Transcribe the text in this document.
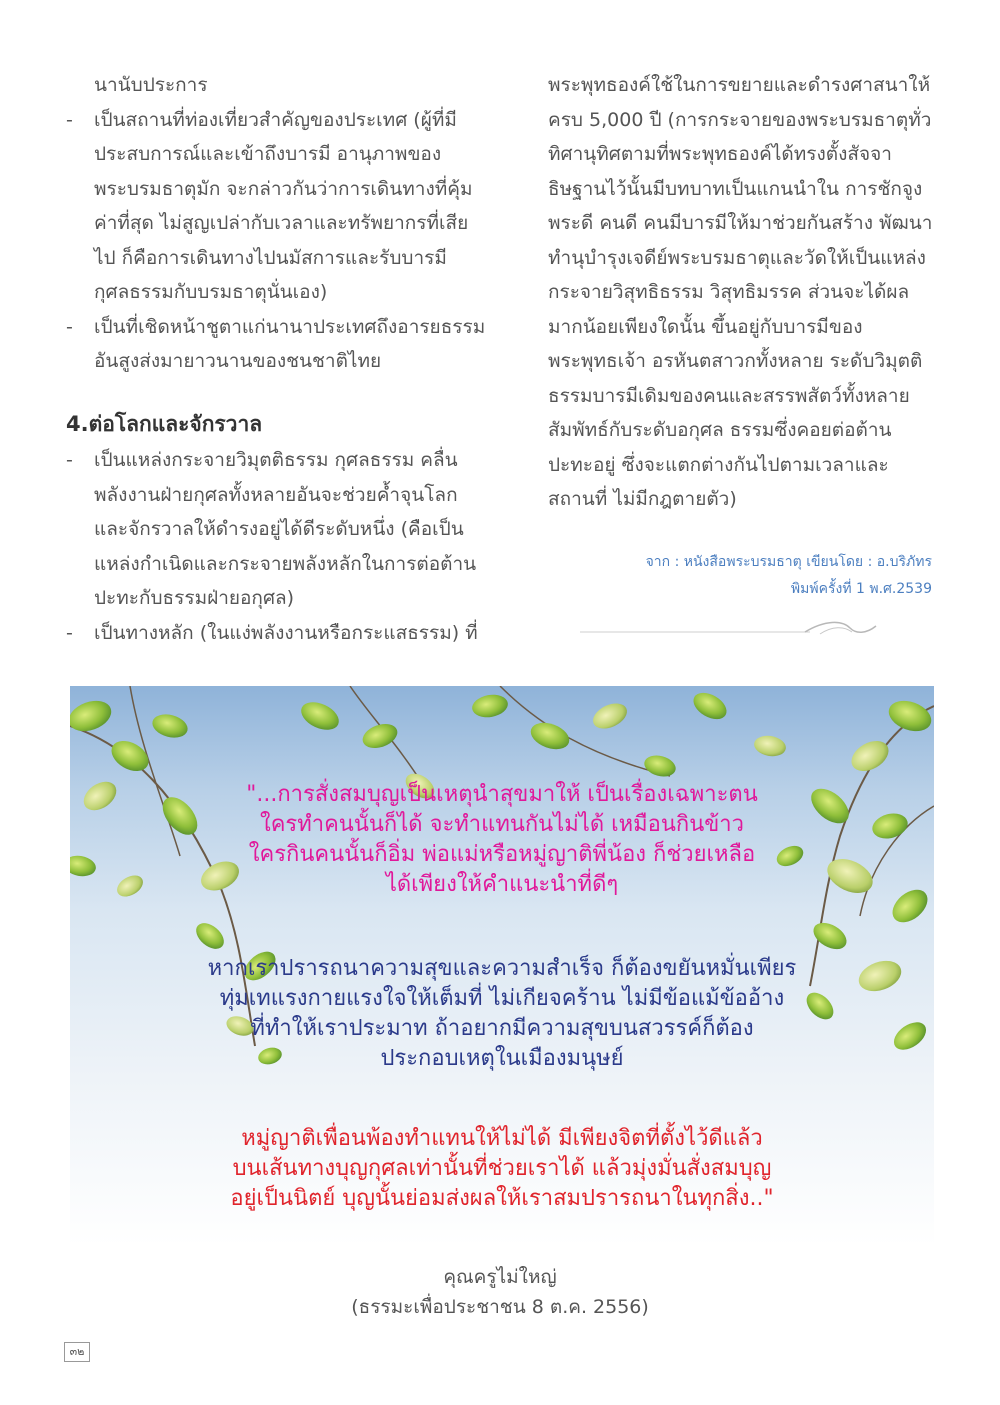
นานับประการ
- เป็นสถานที่ท่องเที่ยวสำคัญของประเทศ (ผู้ที่มี
ประสบการณ์และเข้าถึงบารมี อานุภาพของ
พระบรมธาตุมัก จะกล่าวกันว่าการเดินทางที่คุ้ม
ค่าที่สุด ไม่สูญเปล่ากับเวลาและทรัพยากรที่เสีย
ไป ก็คือการเดินทางไปนมัสการและรับบารมี
กุศลธรรมกับบรมธาตุนั่นเอง)
- เป็นที่เชิดหน้าชูตาแก่นานาประเทศถึงอารยธรรม
อันสูงส่งมายาวนานของชนชาติไทย
4.ต่อโลกและจักรวาล
- เป็นแหล่งกระจายวิมุตติธรรม กุศลธรรม คลื่น
พลังงานฝ่ายกุศลทั้งหลายอันจะช่วยค้ำจุนโลก
และจักรวาลให้ดำรงอยู่ได้ดีระดับหนึ่ง (คือเป็น
แหล่งกำเนิดและกระจายพลังหลักในการต่อต้าน
ปะทะกับธรรมฝ่ายอกุศล)
- เป็นทางหลัก (ในแง่พลังงานหรือกระแสธรรม) ที่
พระพุทธองค์ใช้ในการขยายและดำรงศาสนาให้
ครบ 5,000 ปี (การกระจายของพระบรมธาตุทั่ว
ทิศานุทิศตามที่พระพุทธองค์ได้ทรงตั้งสัจจา
ธิษฐานไว้นั้นมีบทบาทเป็นแกนนำใน การชักจูง
พระดี คนดี คนมีบารมีให้มาช่วยกันสร้าง พัฒนา
ทำนุบำรุงเจดีย์พระบรมธาตุและวัดให้เป็นแหล่ง
กระจายวิสุทธิธรรม วิสุทธิมรรค ส่วนจะได้ผล
มากน้อยเพียงใดนั้น ขึ้นอยู่กับบารมีของ
พระพุทธเจ้า อรหันตสาวกทั้งหลาย ระดับวิมุตติ
ธรรมบารมีเดิมของคนและสรรพสัตว์ทั้งหลาย
สัมพัทธ์กับระดับอกุศล ธรรมซึ่งคอยต่อต้าน
ปะทะอยู่ ซึ่งจะแตกต่างกันไปตามเวลาและ
สถานที่ ไม่มีกฎตายตัว)
จาก : หนังสือพระบรมธาตุ เขียนโดย : อ.บริภัทร
พิมพ์ครั้งที่ 1 พ.ศ.2539
"...การสั่งสมบุญเป็นเหตุนำสุขมาให้ เป็นเรื่องเฉพาะตน
ใครทำคนนั้นก็ได้ จะทำแทนกันไม่ได้ เหมือนกินข้าว
ใครกินคนนั้นก็อิ่ม พ่อแม่หรือหมู่ญาติพี่น้อง ก็ช่วยเหลือ
ได้เพียงให้คำแนะนำที่ดีๆ
หากเราปรารถนาความสุขและความสำเร็จ ก็ต้องขยันหมั่นเพียร
ทุ่มเทแรงกายแรงใจให้เต็มที่ ไม่เกียจคร้าน ไม่มีข้อแม้ข้ออ้าง
ที่ทำให้เราประมาท ถ้าอยากมีความสุขบนสวรรค์ก็ต้อง
ประกอบเหตุในเมืองมนุษย์
หมู่ญาติเพื่อนพ้องทำแทนให้ไม่ได้ มีเพียงจิตที่ตั้งไว้ดีแล้ว
บนเส้นทางบุญกุศลเท่านั้นที่ช่วยเราได้ แล้วมุ่งมั่นสั่งสมบุญ
อยู่เป็นนิตย์ บุญนั้นย่อมส่งผลให้เราสมปรารถนาในทุกสิ่ง.."
คุณครูไม่ใหญ่
(ธรรมะเพื่อประชาชน 8 ต.ค. 2556)
๓๒
